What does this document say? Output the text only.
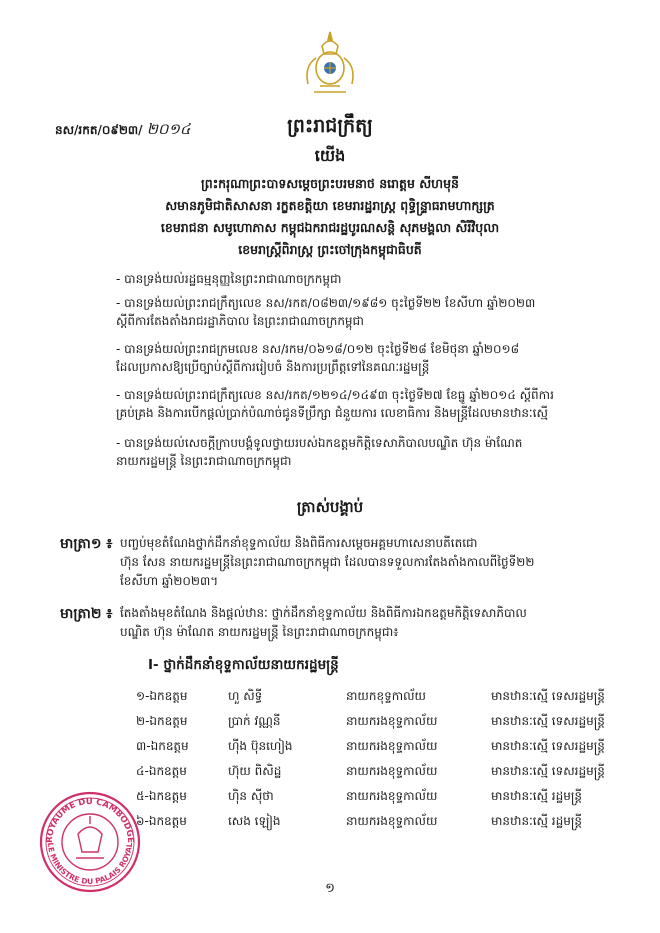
នស/រកត/០៩២៣/ ២០១៤	ព្រះរាជក្រឹត្យ
យើង
ព្រះករុណាព្រះបាទសម្តេចព្រះបរមនាថ នរោត្តម សីហមុនី
សមានភូមិជាតិសាសនា រក្ខតខត្តិយា ខេមរារដ្ឋរាស្ត្រ ពុទ្ធិន្ទ្រាធរាមហាក្សត្រ
ខេមរាជនា សមូហោភាស កម្ពុជឯករាជរដ្ឋបូរណសន្តិ សុភមង្គលា សិរីវិបុលា
ខេមរាស្ត្រីពិរាស្ត្រ ព្រះចៅក្រុងកម្ពុជាធិបតី
- បានទ្រង់យល់រដ្ឋធម្មនុញ្ញនៃព្រះរាជាណាចក្រកម្ពុជា
- បានទ្រង់យល់ព្រះរាជក្រឹត្យលេខ នស/រកត/០៨២៣/១៩៨១ ចុះថ្ងៃទី២២ ខែសីហា ឆ្នាំ២០២៣
ស្តីពីការតែងតាំងរាជរដ្ឋាភិបាល នៃព្រះរាជាណាចក្រកម្ពុជា
- បានទ្រង់យល់ព្រះរាជក្រមលេខ នស/រកម/០៦១៨/០១២ ចុះថ្ងៃទី២៨ ខែមិថុនា ឆ្នាំ២០១៨
ដែលប្រកាសឱ្យប្រើច្បាប់ស្តីពីការរៀបចំ និងការប្រព្រឹត្តទៅនៃគណៈរដ្ឋមន្ត្រី
- បានទ្រង់យល់ព្រះរាជក្រឹត្យលេខ នស/រកត/១២១៤/១៤៩៣ ចុះថ្ងៃទី២៧ ខែធ្នូ ឆ្នាំ២០១៤ ស្តីពីការ
គ្រប់គ្រង និងការបើកផ្តល់ប្រាក់បំណាច់ជូនទីប្រឹក្សា ជំនួយការ លេខាធិការ និងមន្ត្រីដែលមានឋានៈស្មើ
- បានទ្រង់យល់សេចក្តីក្រាបបង្គំទូលថ្វាយរបស់ឯកឧត្តមកិត្តិទេសាភិបាលបណ្ឌិត ហ៊ុន ម៉ាណែត
នាយករដ្ឋមន្ត្រី នៃព្រះរាជាណាចក្រកម្ពុជា
ត្រាស់បង្គាប់
មាត្រា១ ៖ បញ្ចប់មុខតំណែងថ្នាក់ដឹកនាំខុទ្ទកាល័យ និងពិធីការសម្តេចអគ្គមហាសេនាបតីតេជោ
ហ៊ុន សែន នាយករដ្ឋមន្ត្រីនៃព្រះរាជាណាចក្រកម្ពុជា ដែលបានទទួលការតែងតាំងកាលពីថ្ងៃទី២២
ខែសីហា ឆ្នាំ២០២៣។
មាត្រា២ ៖ តែងតាំងមុខតំណែង និងផ្តល់ឋានៈ ថ្នាក់ដឹកនាំខុទ្ទកាល័យ និងពិធីការឯកឧត្តមកិត្តិទេសាភិបាល
បណ្ឌិត ហ៊ុន ម៉ាណែត នាយករដ្ឋមន្ត្រី នៃព្រះរាជាណាចក្រកម្ពុជា៖
I- ថ្នាក់ដឹកនាំខុទ្ទកាល័យនាយករដ្ឋមន្ត្រី
១-ឯកឧត្តម	ហួ សិទ្ធី	នាយកខុទ្ទកាល័យ	មានឋានៈស្មើ ទេសរដ្ឋមន្ត្រី
២-ឯកឧត្តម	ប្រាក់ វណ្ណនី	នាយករងខុទ្ទកាល័យ	មានឋានៈស្មើ ទេសរដ្ឋមន្ត្រី
៣-ឯកឧត្តម	ហ៊ីង ប៊ុនហៀង	នាយករងខុទ្ទកាល័យ	មានឋានៈស្មើ ទេសរដ្ឋមន្ត្រី
៤-ឯកឧត្តម	ហ៊ុយ ពិសិដ្ឋ	នាយករងខុទ្ទកាល័យ	មានឋានៈស្មើ ទេសរដ្ឋមន្ត្រី
៥-ឯកឧត្តម	ហ៊ិន ស៊ីថា	នាយករងខុទ្ទកាល័យ	មានឋានៈស្មើ រដ្ឋមន្ត្រី
៦-ឯកឧត្តម	សេង ឡៀង	នាយករងខុទ្ទកាល័យ	មានឋានៈស្មើ រដ្ឋមន្ត្រី
ROYAUME DU CAMBODGE
LE MINISTRE DU PALAIS ROYAL
១
